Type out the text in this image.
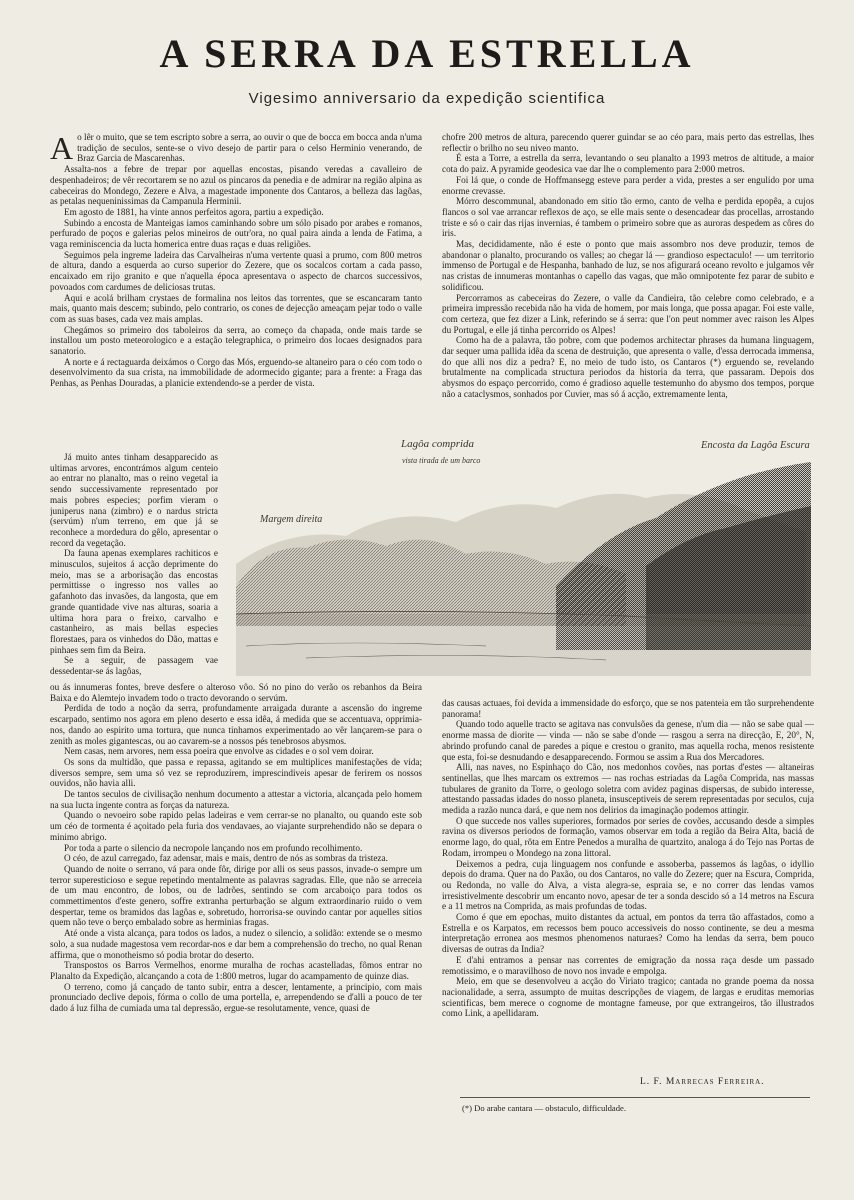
A SERRA DA ESTRELLA
Vigesimo anniversario da expedição scientifica

Ao lêr o muito, que se tem escripto sobre a serra, ao ouvir o que de bocca em bocca anda n'uma tradição de seculos, sente-se o vivo desejo de partir para o celso Herminio venerando, de Braz Garcia de Mascarenhas.

Assalta-nos a febre de trepar por aquellas encostas, pisando veredas a cavalleiro de despenhadeiros; de vêr recortarem se no azul os pincaros da penedia e de admirar na região alpina as cabeceiras do Mondego, Zezere e Alva, a magestade imponente dos Cantaros, a belleza das lagôas, as petalas nequeninissimas da Campanula Herminii.

Em agosto de 1881, ha vinte annos perfeitos agora, partiu a expedição.

Subindo a encosta de Manteigas iamos caminhando sobre um sólo pisado por arabes e romanos, perfurado de poços e galerias pelos mineiros de outr'ora, no qual paira ainda a lenda de Fatima, a vaga reminiscencia da lucta homerica entre duas raças e duas religiões.

Seguimos pela ingreme ladeira das Carvalheiras n'uma vertente quasi a prumo, com 800 metros de altura, dando a esquerda ao curso superior do Zezere, que os socalcos cortam a cada passo, encaixado em rijo granito e que n'aquella época apresentava o aspecto de charcos successivos, povoados com cardumes de deliciosas trutas.

Aqui e acolá brilham crystaes de formalina nos leitos das torrentes, que se escancaram tanto mais, quanto mais descem; subindo, pelo contrario, os cones de dejecção ameaçam pejar todo o valle com as suas bases, cada vez mais amplas.

Chegámos so primeiro dos taboleiros da serra, ao começo da chapada, onde mais tarde se installou um posto meteorologico e a estação telegraphica, o primeiro dos locaes designados para sanatorio.

A norte e á rectaguarda deixámos o Corgo das Mós, erguendo-se altaneiro para o céo com todo o desenvolvimento da sua crista, na immobilidade de adormecido gigante; para a frente: a Fraga das Penhas, as Penhas Douradas, a planicie extendendo-se a perder de vista.

Já muito antes tinham desapparecido as ultimas arvores, encontrámos algum centeio ao entrar no planalto, mas o reino vegetal ia sendo successivamente representado por mais pobres especies; porfim vieram o juniperus nana (zimbro) e o nardus stricta (servúm) n'um terreno, em que já se reconhece a mordedura do gêlo, apresentar o record da vegetação.

Da fauna apenas exemplares rachiticos e minusculos, sujeitos á acção deprimente do meio, mas se a arborisação das encostas permittisse o ingresso nos valles ao gafanhoto das invasões, da langosta, que em grande quantidade vive nas alturas, soaria a ultima hora para o freixo, carvalho e castanheiro, as mais bellas especies florestaes, para os vinhedos do Dão, mattas e pinhaes sem fim da Beira.

Se a seguir, de passagem vae dessedentar-se ás lagôas,

Lagôa comprida
vista tirada de um barco
Encosta da Lagôa Escura
Margem direita

ou ás innumeras fontes, breve desfere o alteroso vôo. Só no pino do verão os rebanhos da Beira Baixa e do Alemtejo invadem todo o tracto devorando o servúm.

Perdida de todo a noção da serra, profundamente arraigada durante a ascensão do ingreme escarpado, sentimo nos agora em pleno deserto e essa idêa, á medida que se accentuava, opprimia-nos, dando ao espirito uma tortura, que nunca tinhamos experimentado ao vêr lançarem-se para o zenith as moles gigantescas, ou ao cavarem-se a nossos pés tenebrosos abysmos.

Nem casas, nem arvores, nem essa poeira que envolve as cidades e o sol vem doirar.

Os sons da multidão, que passa e repassa, agitando se em multiplices manifestações de vida; diversos sempre, sem uma só vez se reproduzirem, imprescindiveis apesar de ferirem os nossos ouvidos, não havia alli.

De tantos seculos de civilisação nenhum documento a attestar a victoria, alcançada pelo homem na sua lucta ingente contra as forças da natureza.

Quando o nevoeiro sobe rapido pelas ladeiras e vem cerrar-se no planalto, ou quando este sob um céo de tormenta é açoitado pela furia dos vendavaes, ao viajante surprehendido não se depara o minimo abrigo.

Por toda a parte o silencio da necropole lançando nos em profundo recolhimento.

O céo, de azul carregado, faz adensar, mais e mais, dentro de nós as sombras da tristeza.

Quando de noite o serrano, vá para onde fôr, dirige por alli os seus passos, invade-o sempre um terror superesticioso e segue repetindo mentalmente as palavras sagradas. Elle, que não se arreceia de um mau encontro, de lobos, ou de ladrões, sentindo se com arcaboiço para todos os commettimentos d'este genero, soffre extranha perturbação se algum extraordinario ruido o vem despertar, teme os bramidos das lagôas e, sobretudo, horrorisa-se ouvindo cantar por aquelles sitios quem não teve o berço embalado sobre as herminias fragas.

Até onde a vista alcança, para todos os lados, a nudez o silencio, a solidão: extende se o mesmo solo, a sua nudade magestosa vem recordar-nos e dar bem a comprehensão do trecho, no qual Renan affirma, que o monotheismo só podia brotar do deserto.

Transpostos os Barros Vermelhos, enorme muralha de rochas acastelladas, fômos entrar no Planalto da Expedição, alcançando a cota de 1:800 metros, lugar do acampamento de quinze dias.

O terreno, como já cançado de tanto subir, entra a descer, lentamente, a principio, com mais pronunciado declive depois, fórma o collo de uma portella, e, arrependendo se d'alli a pouco de ter dado á luz filha de cumiada uma tal depressão, ergue-se resolutamente, vence, quasi de

chofre 200 metros de altura, parecendo querer guindar se ao céo para, mais perto das estrellas, lhes reflectir o brilho no seu niveo manto.

É esta a Torre, a estrella da serra, levantando o seu planalto a 1993 metros de altitude, a maior cota do paiz. A pyramide geodesica vae dar lhe o complemento para 2:000 metros.

Foi lá que, o conde de Hoffmansegg esteve para perder a vida, prestes a ser engulido por uma enorme crevasse.

Mórro descommunal, abandonado em sitio tão ermo, canto de velha e perdida epopêa, a cujos flancos o sol vae arrancar reflexos de aço, se elle mais sente o desencadear das procellas, arrostando triste e só o cair das rijas invernias, é tambem o primeiro sobre que as auroras despedem as côres do iris.

Mas, decididamente, não é este o ponto que mais assombro nos deve produzir, temos de abandonar o planalto, procurando os valles; ao chegar lá — grandioso espectaculo! — um territorio immenso de Portugal e de Hespanha, banhado de luz, se nos afigurará oceano revolto e julgamos vêr nas cristas de innumeras montanhas o capello das vagas, que mão omnipotente fez parar de subito e solidificou.

Percorramos as cabeceiras do Zezere, o valle da Candieira, tão celebre como celebrado, e a primeira impressão recebida não ha vida de homem, por mais longa, que possa apagar. Foi este valle, com certeza, que fez dizer a Link, referindo se á serra: que l'on peut nommer avec raison les Alpes du Portugal, e elle já tinha percorrido os Alpes!

Como ha de a palavra, tão pobre, com que podemos architectar phrases da humana linguagem, dar sequer uma pallida idêa da scena de destruição, que apresenta o valle, d'essa derrocada immensa, do que alli nos diz a pedra? E, no meio de tudo isto, os Cantaros (*) erguendo se, revelando brutalmente na complicada structura periodos da historia da terra, que passaram. Depois dos abysmos do espaço percorrido, como é gradioso aquelle testemunho do abysmo dos tempos, porque não a cataclysmos, sonhados por Cuvier, mas só á acção, extremamente lenta,

das causas actuaes, foi devida a immensidade do esforço, que se nos patenteia em tão surprehendente panorama!

Quando todo aquelle tracto se agitava nas convulsões da genese, n'um dia — não se sabe qual — enorme massa de diorite — vinda — não se sabe d'onde — rasgou a serra na direcção, E, 20°, N, abrindo profundo canal de paredes a pique e crestou o granito, mas aquella rocha, menos resistente que esta, foi-se desnudando e desapparecendo. Formou se assim a Rua dos Mercadores.

Alli, nas naves, no Espinhaço do Cão, nos medonhos covões, nas portas d'estes — altaneiras sentinellas, que lhes marcam os extremos — nas rochas estriadas da Lagôa Comprida, nas massas tubulares de granito da Torre, o geologo soletra com avidez paginas dispersas, de subido interesse, attestando passadas idades do nosso planeta, insusceptiveis de serem representadas por seculos, cuja medida a razão nunca dará, e que nem nos delirios da imaginação podemos attingir.

O que succede nos valles superiores, formados por series de covões, accusando desde a simples ravina os diversos periodos de formação, vamos observar em toda a região da Beira Alta, baciá de enorme lago, do qual, rôta em Entre Penedos a muralha de quartzito, analoga á do Tejo nas Portas de Rodam, irrompeu o Mondego na zona littoral.

Deixemos a pedra, cuja linguagem nos confunde e assoberba, passemos ás lagôas, o idyllio depois do drama. Quer na do Paxão, ou dos Cantaros, no valle do Zezere; quer na Escura, Comprida, ou Redonda, no valle do Alva, a vista alegra-se, espraia se, e no correr das lendas vamos irresistivelmente descobrir um encanto novo, apesar de ter a sonda descido só a 14 metros na Escura e a 11 metros na Comprida, as mais profundas de todas.

Como é que em epochas, muito distantes da actual, em pontos da terra tão affastados, como a Estrella e os Karpatos, em recessos bem pouco accessiveis do nosso continente, se deu a mesma interpretação erronea aos mesmos phenomenos naturaes? Como ha lendas da serra, bem pouco diversas de outras da India?

E d'ahi entramos a pensar nas correntes de emigração da nossa raça desde um passado remotissimo, e o maravilhoso de novo nos invade e empolga.

Meio, em que se desenvolveu a acção do Viriato tragico; cantada no grande poema da nossa nacionalidade, a serra, assumpto de muitas descripções de viagem, de largas e eruditas memorias scientificas, bem merece o cognome de montagne fameuse, por que extrangeiros, tão illustrados como Link, a apellidaram.

L. F. Marrecas Ferreira.
(*) Do arabe cantara — obstaculo, difficuldade.
